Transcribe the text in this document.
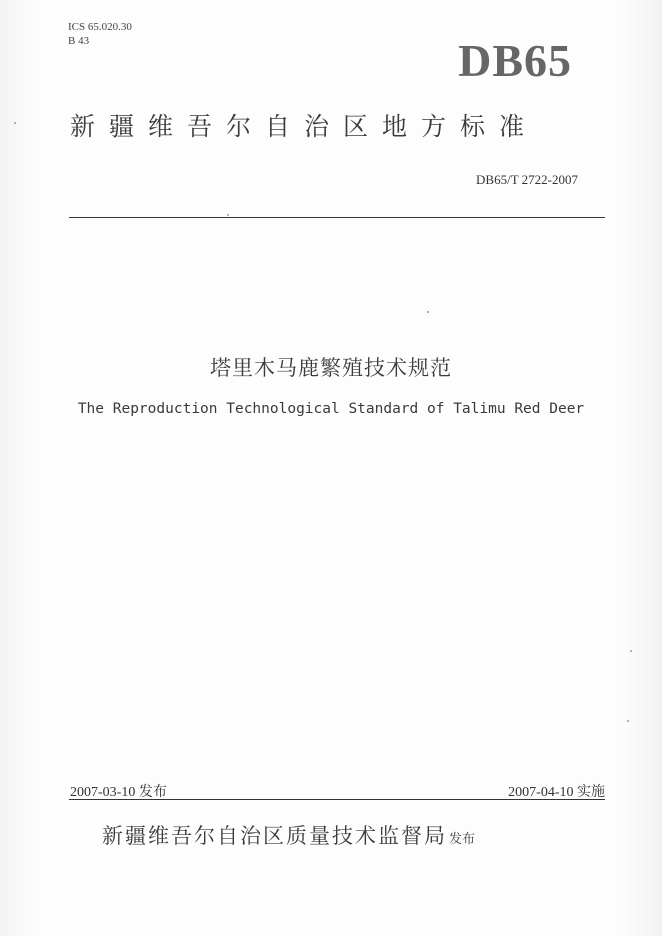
ICS 65.020.30
B 43	DB65
新疆维吾尔自治区地方标准
DB65/T 2722-2007
塔里木马鹿繁殖技术规范
The Reproduction Technological Standard of Talimu Red Deer
2007-03-10 发布	2007-04-10 实施
新疆维吾尔自治区质量技术监督局 发布
